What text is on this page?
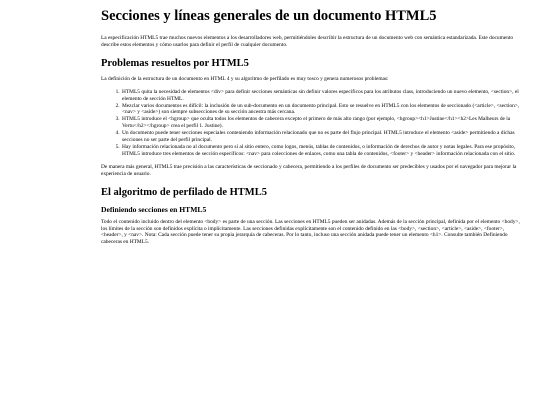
Secciones y líneas generales de un documento HTML5

La especificación HTML5 trae muchos nuevos elementos a los desarrolladores web, permitiéndoles describir la estructura de un documento web con semántica estandarizada. Este documento describe estos elementos y cómo usarlos para definir el perfil de cualquier documento.

Problemas resueltos por HTML5

La definición de la estructura de un documento en HTML 4 y su algoritmo de perfilado es muy tosco y genera numerosos problemas:

1. HTML5 quita la necesidad de elementos <div> para definir secciones semánticas sin definir valores específicos para los atributos class, introduciendo un nuevo elemento, <section>, el elemento de sección HTML.
2. Mezclar varios documentos es difícil: la inclusión de un sub-documento en un documento principal. Esto se resuelve en HTML5 con los elementos de seccionado (<article>, <section>, <nav> y <aside>) son siempre subsecciones de su sección ancestra más cercana.
3. HTML5 introduce el <hgroup> que oculta todos los elementos de cabecera excepto el primero de más alto rango (por ejemplo, <hgroup><h1>Justine</h1><h2>Les Malheurs de la Vertu</h2></hgroup> crea el perfil 1. Justine).
4. Un documento puede tener secciones especiales conteniendo información relacionado que no es parte del flujo principal. HTML5 introduce el elemento <aside> permitiendo a dichas secciones no ser parte del perfil principal.
5. Hay información relacionada no al documento pero sí al sitio entero, como logos, menús, tablas de contenidos, o información de derechos de autor y notas legales. Para ese propósito, HTML5 introduce tres elementos de sección específicos: <nav> para colecciones de enlaces, como una tabla de contenidos, <footer> y <header> información relacionada con el sitio.

De manera más general, HTML5 trae precisión a las características de seccionado y cabecera, permitiendo a los perfiles de documento ser predecibles y usados por el navegador para mejorar la experiencia de usuario.

El algoritmo de perfilado de HTML5
Definiendo secciones en HTML5

Todo el contenido incluido dentro del elemento <body> es parte de una sección. Las secciones en HTML5 pueden ser anidadas. Además de la sección principal, definida por el elemento <body>, los límites de la sección son definidos explícita o implícitamente. Las secciones definidas explícitamente son el contenido definido en las <body>, <section>, <article>, <aside>, <footer>, <header>, y <nav>. Nota: Cada sección puede tener su propia jerarquía de cabeceras. Por lo tanto, incluso una sección anidada puede tener un elemento <h1>. Consulte también Definiendo cabeceras en HTML5.
